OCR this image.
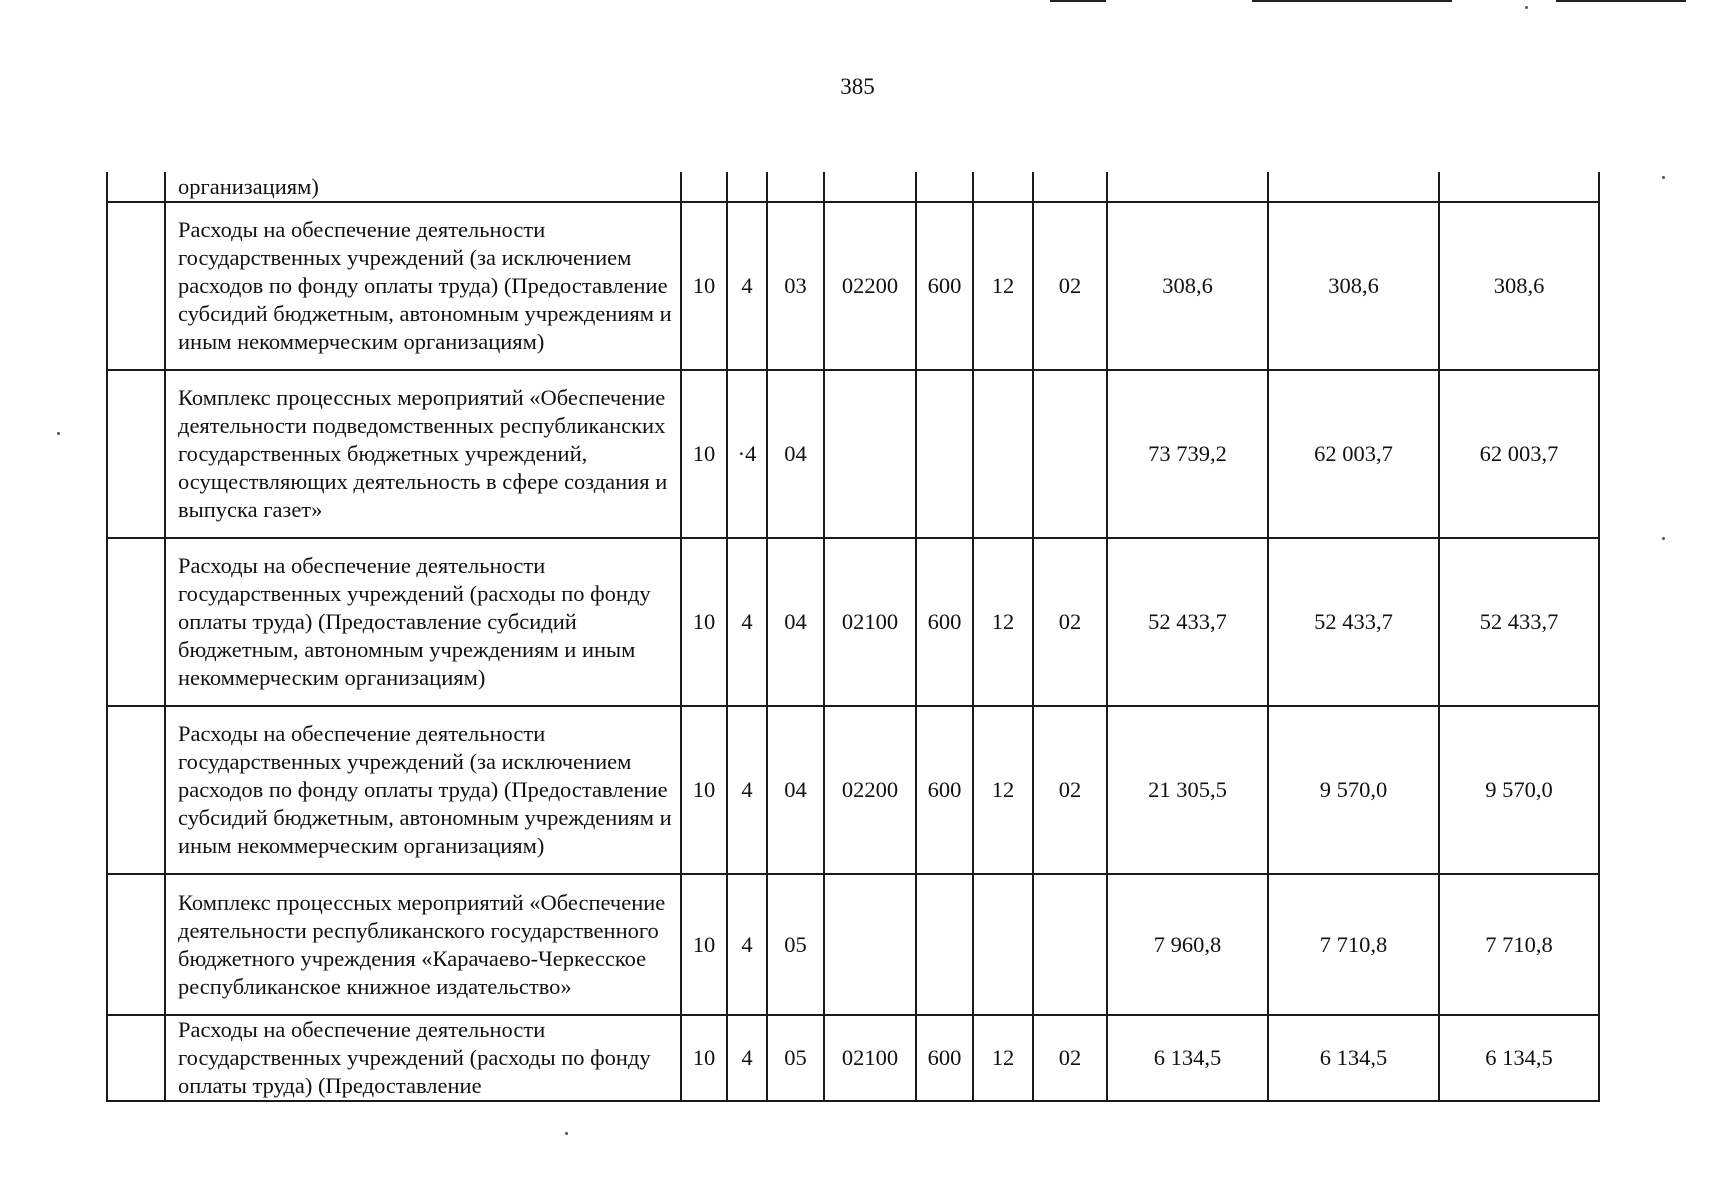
385
	организациям)										
	Расходы на обеспечение деятельности государственных учреждений (за исключением расходов по фонду оплаты труда) (Предоставление субсидий бюджетным, автономным учреждениям и иным некоммерческим организациям)	10	4	03	02200	600	12	02	308,6	308,6	308,6
	Комплекс процессных мероприятий «Обеспечение деятельности подведомственных республиканских государственных бюджетных учреждений, осуществляющих деятельность в сфере создания и выпуска газет»	10	·4	04					73 739,2	62 003,7	62 003,7
	Расходы на обеспечение деятельности государственных учреждений (расходы по фонду оплаты труда) (Предоставление субсидий бюджетным, автономным учреждениям и иным некоммерческим организациям)	10	4	04	02100	600	12	02	52 433,7	52 433,7	52 433,7
	Расходы на обеспечение деятельности государственных учреждений (за исключением расходов по фонду оплаты труда) (Предоставление субсидий бюджетным, автономным учреждениям и иным некоммерческим организациям)	10	4	04	02200	600	12	02	21 305,5	9 570,0	9 570,0
	Комплекс процессных мероприятий «Обеспечение деятельности республиканского государственного бюджетного учреждения «Карачаево-Черкесское республиканское книжное издательство»	10	4	05					7 960,8	7 710,8	7 710,8
	Расходы на обеспечение деятельности государственных учреждений (расходы по фонду оплаты труда) (Предоставление	10	4	05	02100	600	12	02	6 134,5	6 134,5	6 134,5
